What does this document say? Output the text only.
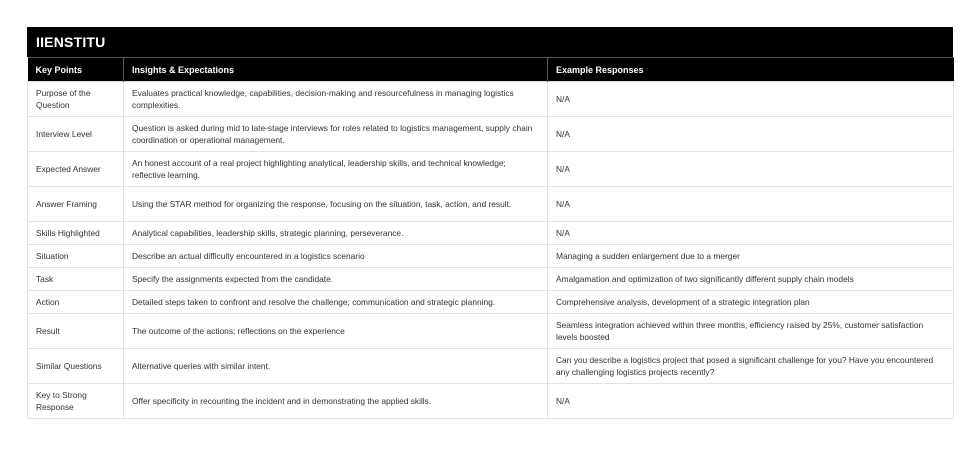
IIENSTITU
Key Points	Insights & Expectations	Example Responses
Purpose of the Question	Evaluates practical knowledge, capabilities, decision-making and resourcefulness in managing logistics complexities.	N/A
Interview Level	Question is asked during mid to late-stage interviews for roles related to logistics management, supply chain coordination or operational management.	N/A
Expected Answer	An honest account of a real project highlighting analytical, leadership skills, and technical knowledge; reflective learning.	N/A
Answer Framing	Using the STAR method for organizing the response, focusing on the situation, task, action, and result.	N/A
Skills Highlighted	Analytical capabilities, leadership skills, strategic planning, perseverance.	N/A
Situation	Describe an actual difficulty encountered in a logistics scenario	Managing a sudden enlargement due to a merger
Task	Specify the assignments expected from the candidate.	Amalgamation and optimization of two significantly different supply chain models
Action	Detailed steps taken to confront and resolve the challenge; communication and strategic planning.	Comprehensive analysis, development of a strategic integration plan
Result	The outcome of the actions; reflections on the experience	Seamless integration achieved within three months, efficiency raised by 25%, customer satisfaction levels boosted
Similar Questions	Alternative queries with similar intent.	Can you describe a logistics project that posed a significant challenge for you? Have you encountered any challenging logistics projects recently?
Key to Strong Response	Offer specificity in recounting the incident and in demonstrating the applied skills.	N/A
